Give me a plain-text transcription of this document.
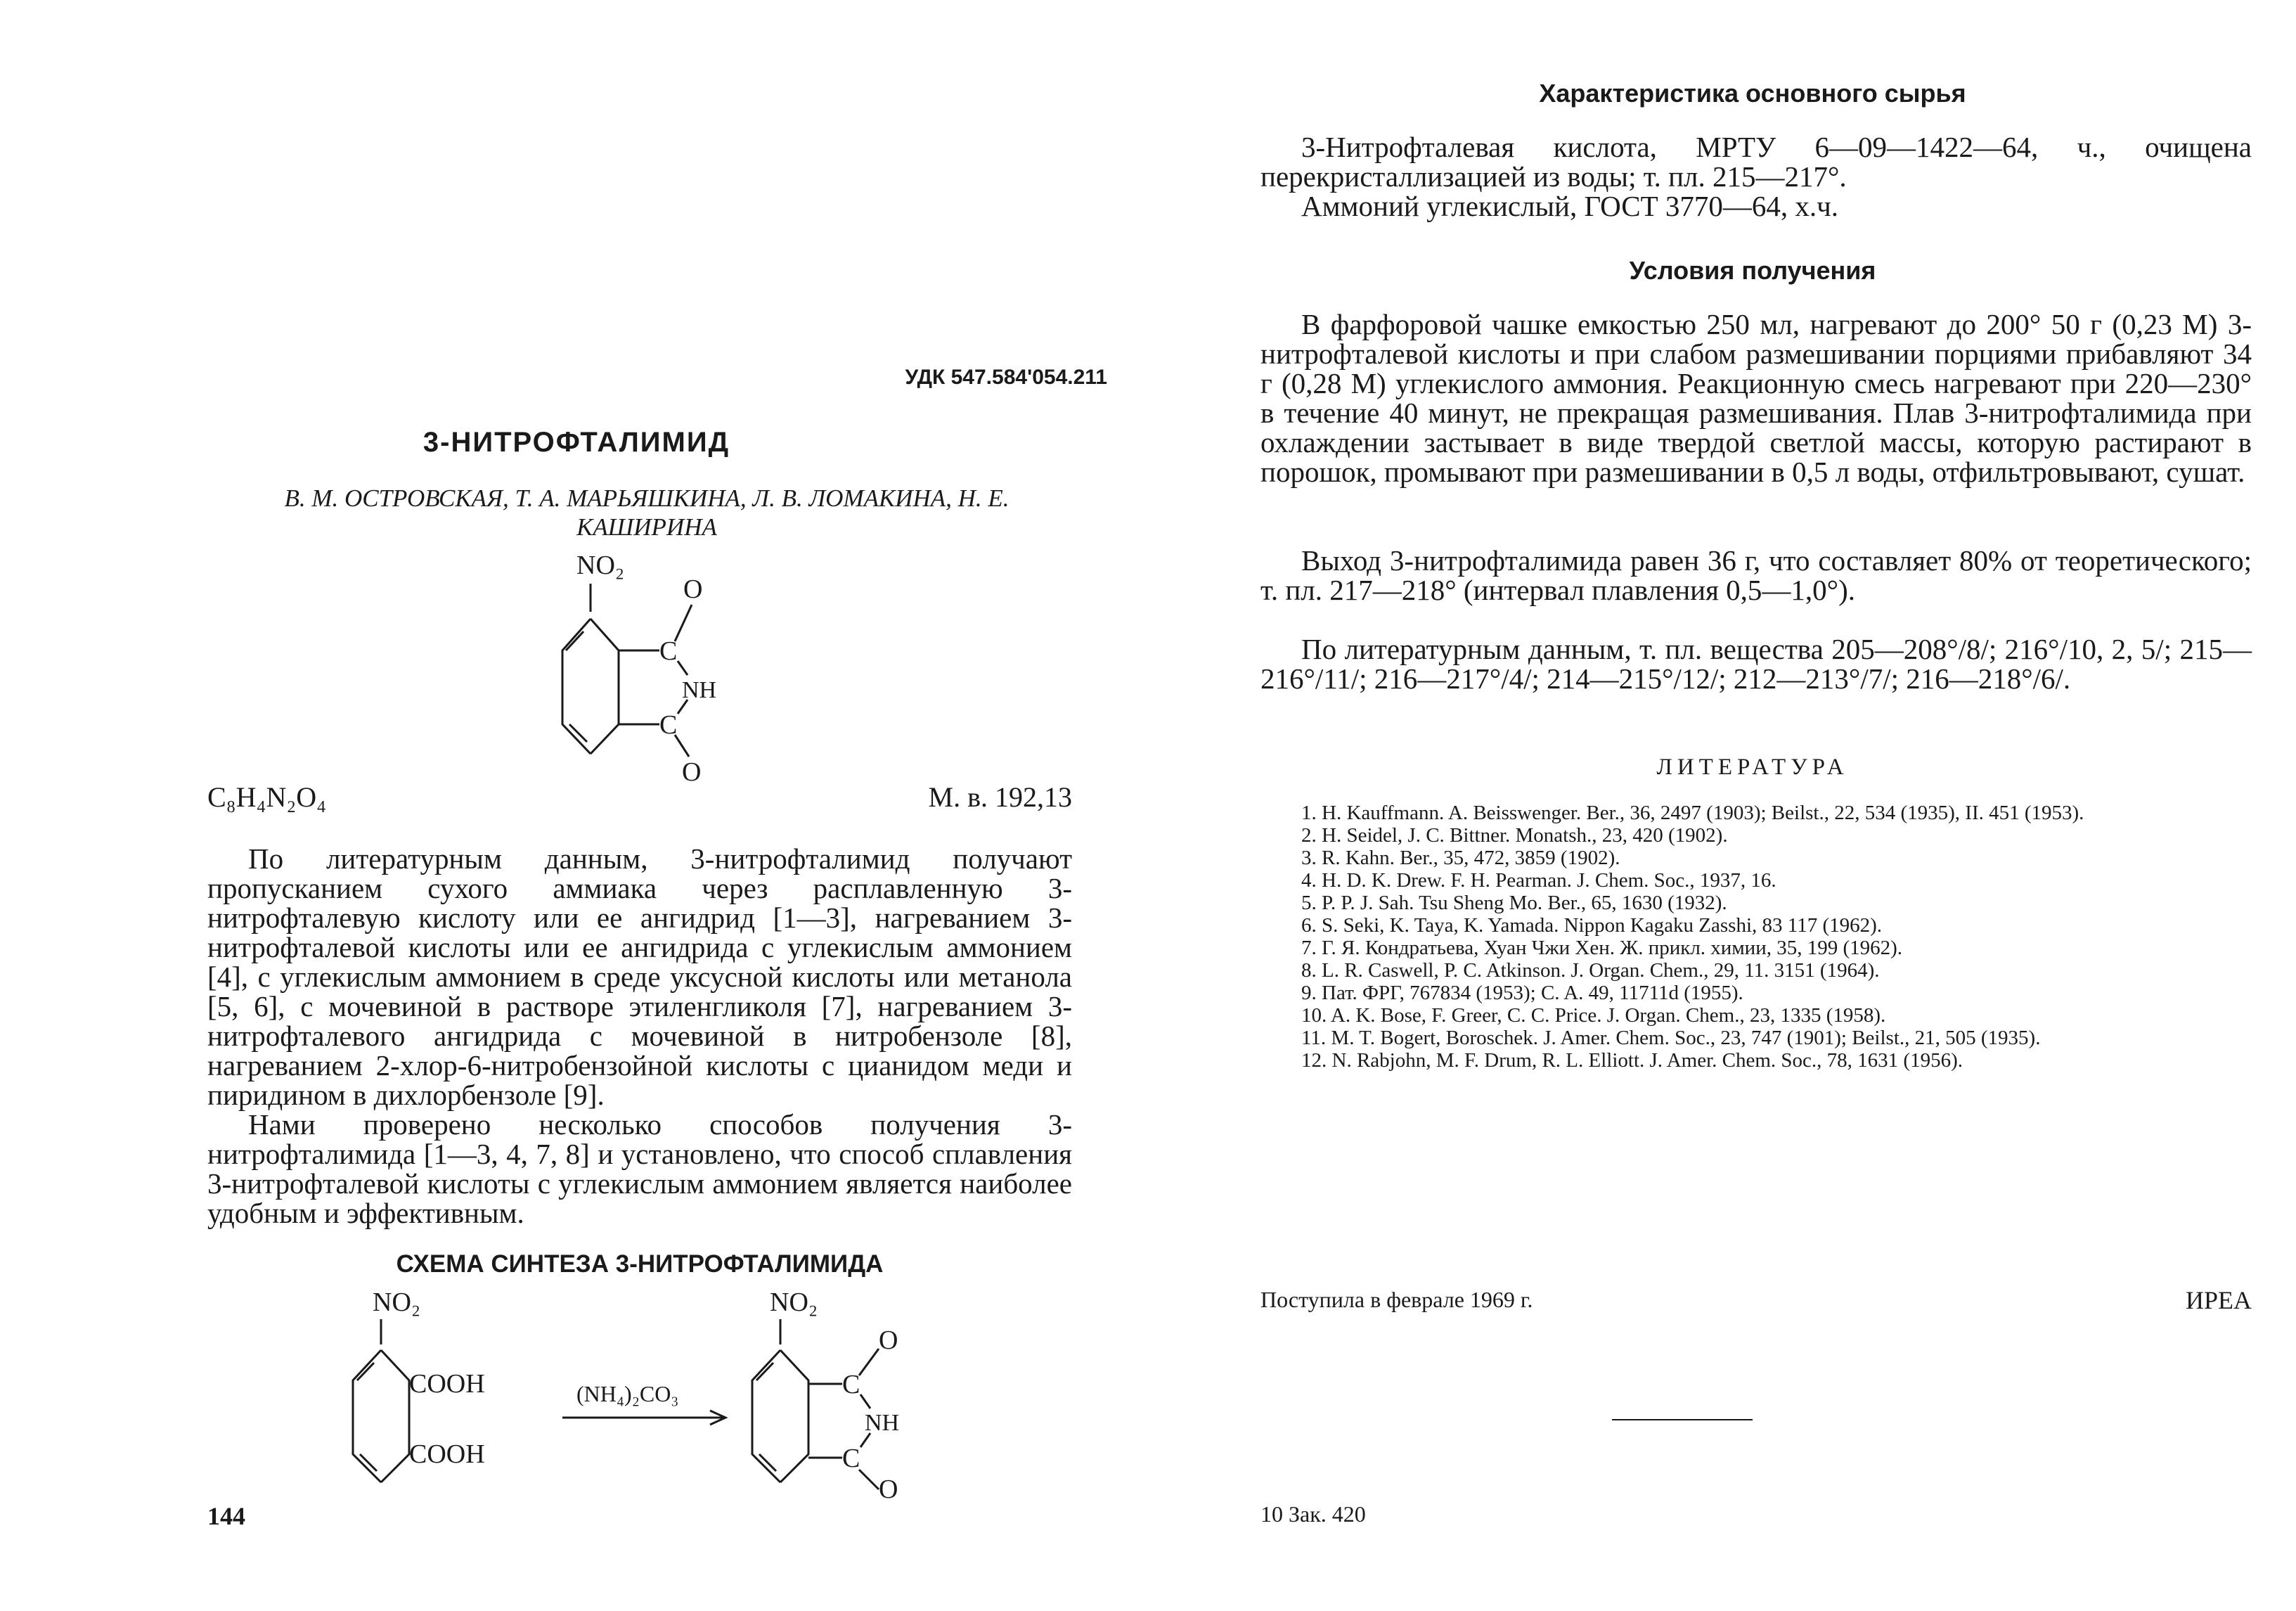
УДК 547.584'054.211
3-НИТРОФТАЛИМИД
В. М. ОСТРОВСКАЯ, Т. А. МАРЬЯШКИНА, Л. В. ЛОМАКИНА, Н. Е. КАШИРИНА
NO₂
C
C
O
O
NH
C₈H₄N₂O₄	М. в. 192,13

По литературным данным, 3-нитрофталимид получают пропусканием сухого аммиака через расплавленную 3-нитрофталевую кислоту или ее ангидрид [1—3], нагреванием 3-нитрофталевой кислоты или ее ангидрида с углекислым аммонием [4], с углекислым аммонием в среде уксусной кислоты или метанола [5, 6], с мочевиной в растворе этиленгликоля [7], нагреванием 3-нитрофталевого ангидрида с мочевиной в нитробензоле [8], нагреванием 2-хлор-6-нитробензойной кислоты с цианидом меди и пиридином в дихлорбензоле [9].

Нами проверено несколько способов получения 3-нитрофталимида [1—3, 4, 7, 8] и установлено, что способ сплавления 3-нитрофталевой кислоты с углекислым аммонием является наиболее удобным и эффективным.

СХЕМА СИНТЕЗА 3-НИТРОФТАЛИМИДА
NO₂
COOH
COOH
(NH₄)₂CO₃
NO₂
C
C
O
O
NH
144
Характеристика основного сырья

3-Нитрофталевая кислота, МРТУ 6—09—1422—64, ч., очищена перекристаллизацией из воды; т. пл. 215—217°.

Аммоний углекислый, ГОСТ 3770—64, х.ч.

Условия получения

В фарфоровой чашке емкостью 250 мл, нагревают до 200° 50 г (0,23 М) 3-нитрофталевой кислоты и при слабом размешивании порциями прибавляют 34 г (0,28 М) углекислого аммония. Реакционную смесь нагревают при 220—230° в течение 40 минут, не прекращая размешивания. Плав 3-нитрофталимида при охлаждении застывает в виде твердой светлой массы, которую растирают в порошок, промывают при размешивании в 0,5 л воды, отфильтровывают, сушат.

Выход 3-нитрофталимида равен 36 г, что составляет 80% от теоретического; т. пл. 217—218° (интервал плавления 0,5—1,0°).

По литературным данным, т. пл. вещества 205—208°/8/; 216°/10, 2, 5/; 215—216°/11/; 216—217°/4/; 214—215°/12/; 212—213°/7/; 216—218°/6/.

ЛИТЕРАТУРА

1. H. Kauffmann. A. Beisswenger. Ber., 36, 2497 (1903); Beilst., 22, 534 (1935), II. 451 (1953).

2. H. Seidel, J. C. Bittner. Monatsh., 23, 420 (1902).

3. R. Kahn. Ber., 35, 472, 3859 (1902).

4. H. D. K. Drew. F. H. Pearman. J. Chem. Soc., 1937, 16.

5. P. P. J. Sah. Tsu Sheng Mo. Ber., 65, 1630 (1932).

6. S. Seki, K. Taya, K. Yamada. Nippon Kagaku Zasshi, 83 117 (1962).

7. Г. Я. Кондратьева, Хуан Чжи Хен. Ж. прикл. химии, 35, 199 (1962).

8. L. R. Caswell, P. C. Atkinson. J. Organ. Chem., 29, 11. 3151 (1964).

9. Пат. ФРГ, 767834 (1953); C. A. 49, 11711d (1955).

10. A. K. Bose, F. Greer, C. C. Price. J. Organ. Chem., 23, 1335 (1958).

11. M. T. Bogert, Boroschek. J. Amer. Chem. Soc., 23, 747 (1901); Beilst., 21, 505 (1935).

12. N. Rabjohn, M. F. Drum, R. L. Elliott. J. Amer. Chem. Soc., 78, 1631 (1956).

Поступила в феврале 1969 г.	ИРЕА
10 Зак. 420
